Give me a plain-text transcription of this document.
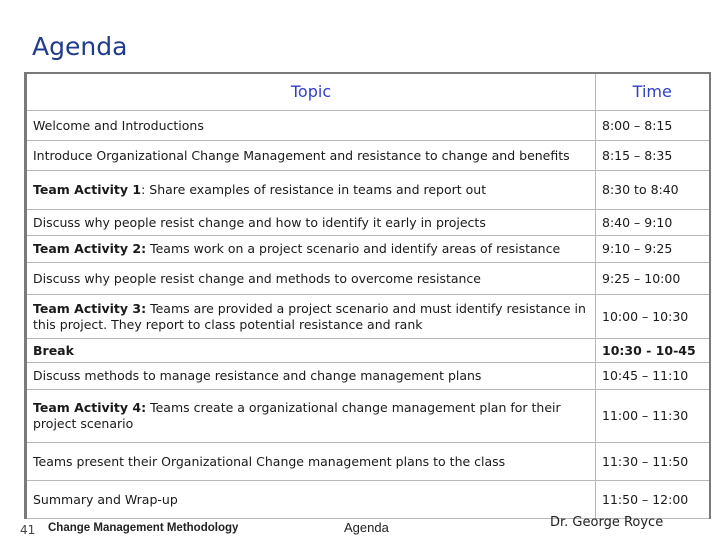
Agenda
Topic	Time
Welcome and Introductions	8:00 – 8:15
Introduce Organizational Change Management and resistance to change and benefits	8:15 – 8:35
Team Activity 1: Share examples of resistance in teams and report out	8:30 to 8:40
Discuss why people resist change and how to identify it early in projects	8:40 – 9:10
Team Activity 2: Teams work on a project scenario and identify areas of resistance	9:10 – 9:25
Discuss why people resist change and methods to overcome resistance	9:25 – 10:00
Team Activity 3: Teams are provided a project scenario and must identify resistance in this project. They report to class potential resistance and rank	10:00 – 10:30
Break	10:30 - 10-45
Discuss methods to manage resistance and change management plans	10:45 – 11:10
Team Activity 4: Teams create a organizational change management plan for their project scenario	11:00 – 11:30
Teams present their Organizational Change management plans to the class	11:30 – 11:50
Summary and Wrap-up	11:50 – 12:00
41 Change Management Methodology	Agenda	Dr. George Royce
